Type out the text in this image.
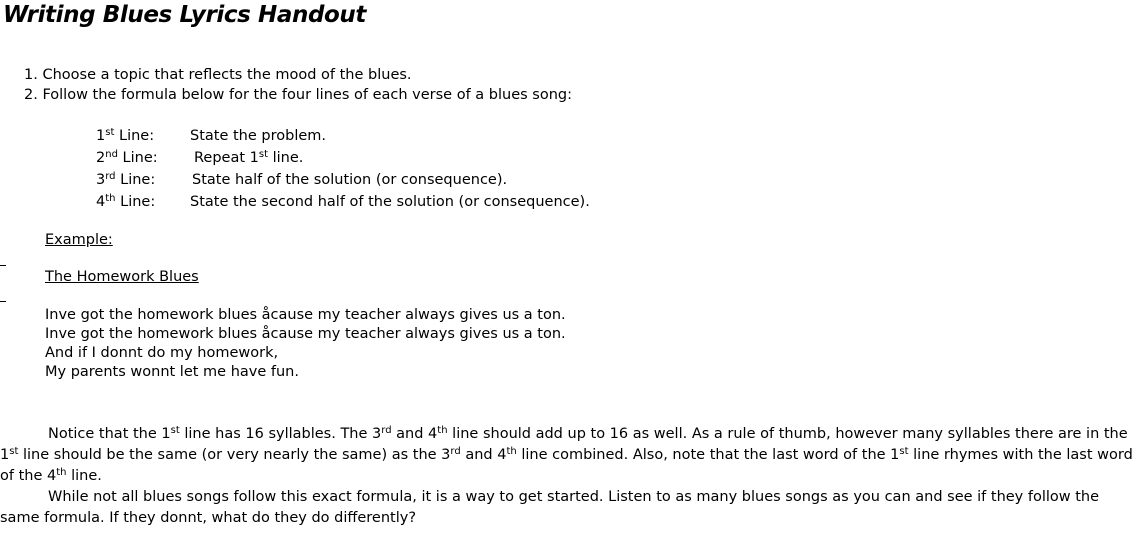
Writing Blues Lyrics Handout
1. Choose a topic that reflects the mood of the blues.
2. Follow the formula below for the four lines of each verse of a blues song:
1st Line: State the problem.
2nd Line:	Repeat 1st line.
3rd Line:	State half of the solution (or consequence).
4th Line: State the second half of the solution (or consequence).
Example:
The Homework Blues
Inve got the homework blues åcause my teacher always gives us a ton.
Inve got the homework blues åcause my teacher always gives us a ton.
And if I donnt do my homework,
My parents wonnt let me have fun.
Notice that the 1st line has 16 syllables. The 3rd and 4th line should add up to 16 as well. As a rule of thumb, however many syllables there are in the 1st line should be the same (or very nearly the same) as the 3rd and 4th line combined. Also, note that the last word of the 1st line rhymes with the last word of the 4th line.
While not all blues songs follow this exact formula, it is a way to get started. Listen to as many blues songs as you can and see if they follow the same formula. If they donnt, what do they do differently?
